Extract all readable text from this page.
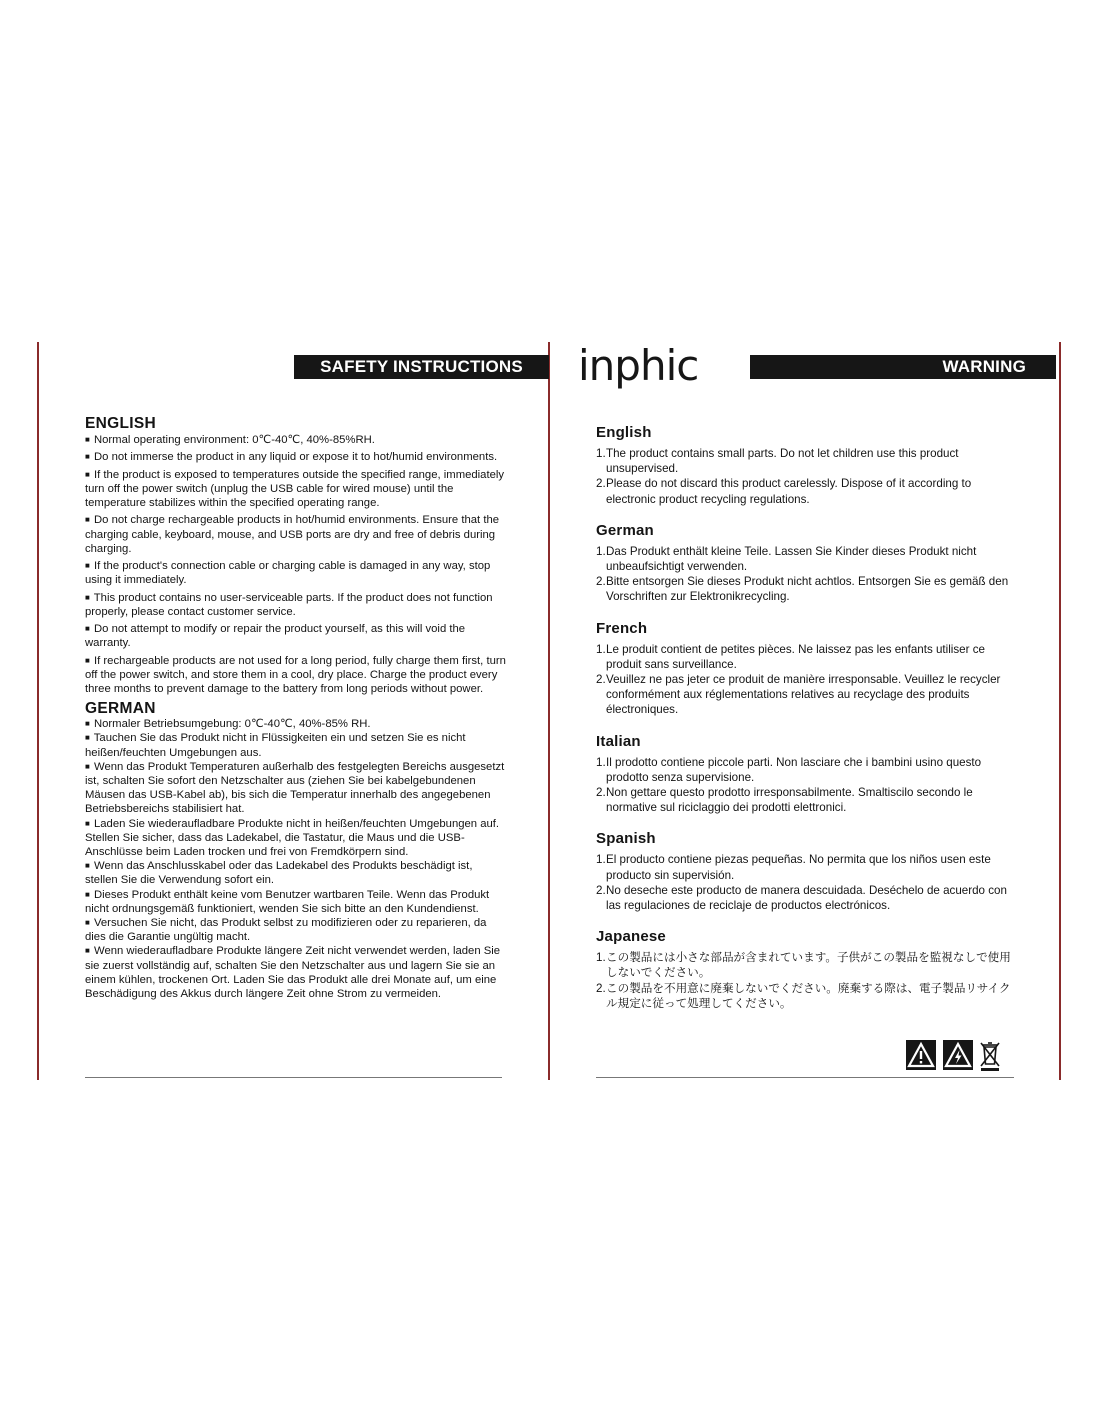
SAFETY INSTRUCTIONS	inphic	WARNING
ENGLISH

■ Normal operating environment: 0℃-40℃, 40%-85%RH.

■ Do not immerse the product in any liquid or expose it to hot/humid environments.

■ If the product is exposed to temperatures outside the specified range, immediately turn off the power switch (unplug the USB cable for wired mouse) until the temperature stabilizes within the specified operating range.

■ Do not charge rechargeable products in hot/humid environments. Ensure that the charging cable, keyboard, mouse, and USB ports are dry and free of debris during charging.

■ If the product's connection cable or charging cable is damaged in any way, stop using it immediately.

■ This product contains no user-serviceable parts. If the product does not function properly, please contact customer service.

■ Do not attempt to modify or repair the product yourself, as this will void the warranty.

■ If rechargeable products are not used for a long period, fully charge them first, turn off the power switch, and store them in a cool, dry place. Charge the product every three months to prevent damage to the battery from long periods without power.

GERMAN

■ Normaler Betriebsumgebung: 0℃-40℃, 40%-85% RH.

■ Tauchen Sie das Produkt nicht in Flüssigkeiten ein und setzen Sie es nicht heißen/feuchten Umgebungen aus.

■ Wenn das Produkt Temperaturen außerhalb des festgelegten Bereichs ausgesetzt ist, schalten Sie sofort den Netzschalter aus (ziehen Sie bei kabelgebundenen Mäusen das USB-Kabel ab), bis sich die Temperatur innerhalb des angegebenen Betriebsbereichs stabilisiert hat.

■ Laden Sie wiederaufladbare Produkte nicht in heißen/feuchten Umgebungen auf. Stellen Sie sicher, dass das Ladekabel, die Tastatur, die Maus und die USB-Anschlüsse beim Laden trocken und frei von Fremdkörpern sind.

■ Wenn das Anschlusskabel oder das Ladekabel des Produkts beschädigt ist, stellen Sie die Verwendung sofort ein.

■ Dieses Produkt enthält keine vom Benutzer wartbaren Teile. Wenn das Produkt nicht ordnungsgemäß funktioniert, wenden Sie sich bitte an den Kundendienst.

■ Versuchen Sie nicht, das Produkt selbst zu modifizieren oder zu reparieren, da dies die Garantie ungültig macht.

■ Wenn wiederaufladbare Produkte längere Zeit nicht verwendet werden, laden Sie sie zuerst vollständig auf, schalten Sie den Netzschalter aus und lagern Sie sie an einem kühlen, trockenen Ort. Laden Sie das Produkt alle drei Monate auf, um eine Beschädigung des Akkus durch längere Zeit ohne Strom zu vermeiden.

English
1. The product contains small parts. Do not let children use this product unsupervised.
2. Please do not discard this product carelessly. Dispose of it according to electronic product recycling regulations.
German
1. Das Produkt enthält kleine Teile. Lassen Sie Kinder dieses Produkt nicht unbeaufsichtigt verwenden.
2. Bitte entsorgen Sie dieses Produkt nicht achtlos. Entsorgen Sie es gemäß den Vorschriften zur Elektronikrecycling.
French
1. Le produit contient de petites pièces. Ne laissez pas les enfants utiliser ce produit sans surveillance.
2. Veuillez ne pas jeter ce produit de manière irresponsable. Veuillez le recycler conformément aux réglementations relatives au recyclage des produits électroniques.
Italian
1. Il prodotto contiene piccole parti. Non lasciare che i bambini usino questo prodotto senza supervisione.
2. Non gettare questo prodotto irresponsabilmente. Smaltiscilo secondo le normative sul riciclaggio dei prodotti elettronici.
Spanish
1. El producto contiene piezas pequeñas. No permita que los niños usen este producto sin supervisión.
2. No deseche este producto de manera descuidada. Deséchelo de acuerdo con las regulaciones de reciclaje de productos electrónicos.
Japanese
1. この製品には小さな部品が含まれています。子供がこの製品を監視なしで使用しないでください。
2. この製品を不用意に廃棄しないでください。廃棄する際は、電子製品リサイクル規定に従って処理してください。
